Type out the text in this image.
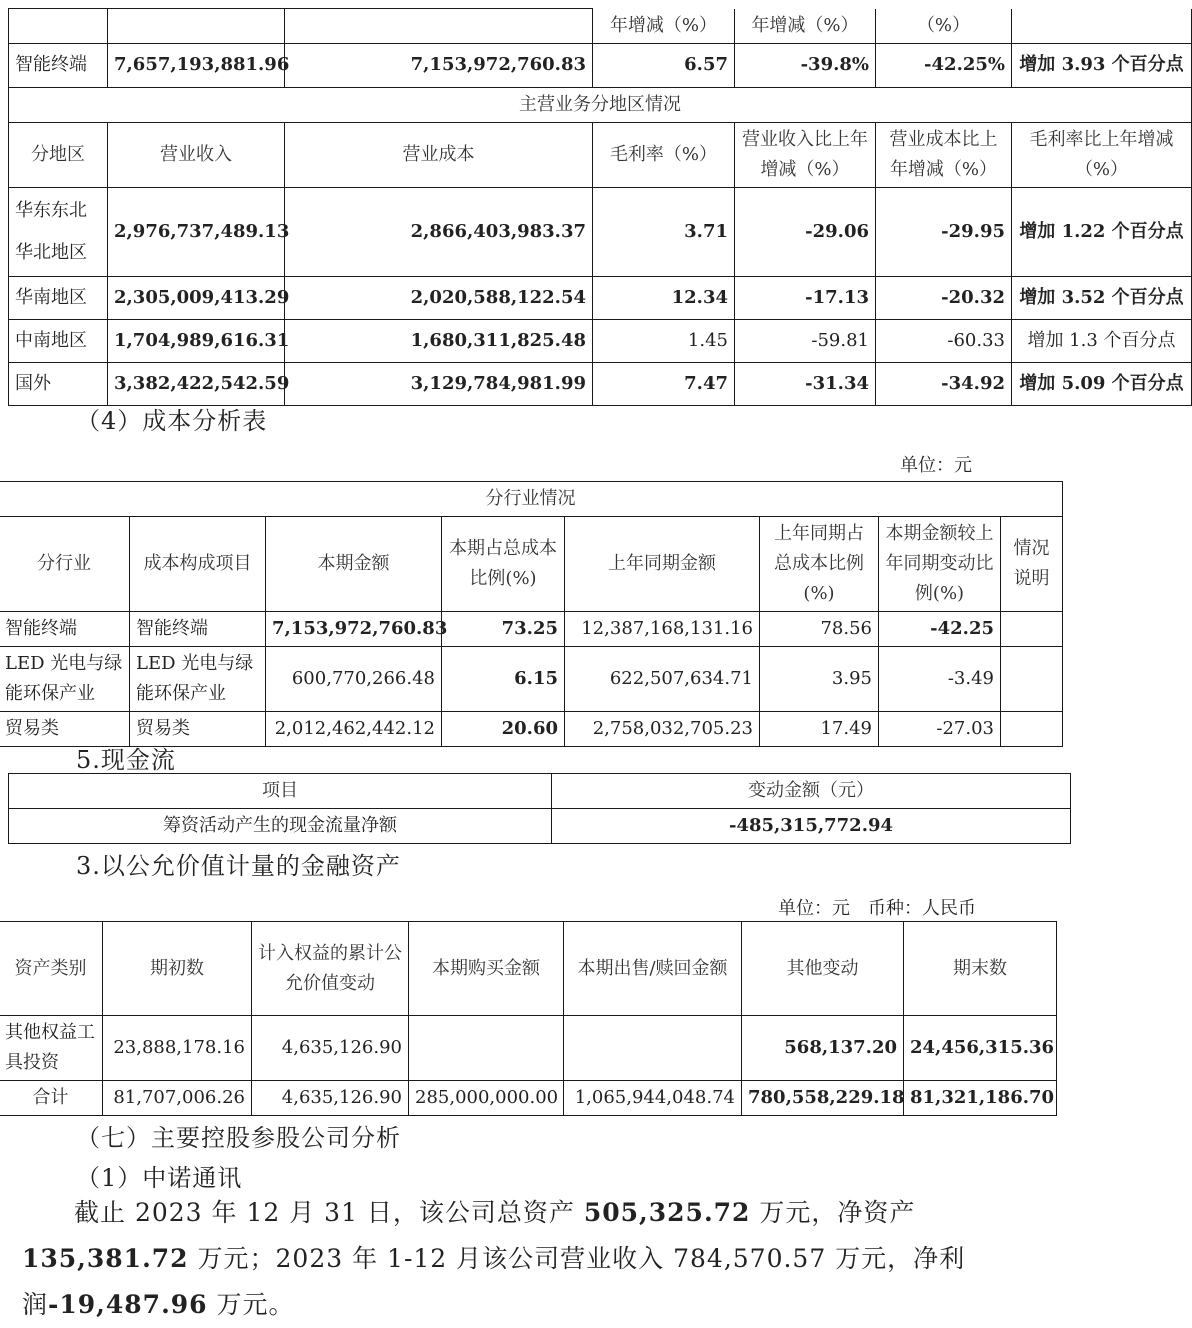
			年增减（%）	年增减（%）	（%）	
智能终端	7,657,193,881.96	7,153,972,760.83	6.57	-39.8%	-42.25%	增加 3.93 个百分点
主营业务分地区情况						
分地区	营业收入	营业成本	毛利率（%）	营业收入比上年增减（%）	营业成本比上年增减（%）	毛利率比上年增减（%）
华东东北华北地区	2,976,737,489.13	2,866,403,983.37	3.71	-29.06	-29.95	增加 1.22 个百分点
华南地区	2,305,009,413.29	2,020,588,122.54	12.34	-17.13	-20.32	增加 3.52 个百分点
中南地区	1,704,989,616.31	1,680,311,825.48	1.45	-59.81	-60.33	增加 1.3 个百分点
国外	3,382,422,542.59	3,129,784,981.99	7.47	-31.34	-34.92	增加 5.09 个百分点
（4）成本分析表
单位：元
分行业情况							
分行业	成本构成项目	本期金额	本期占总成本比例(%)	上年同期金额	上年同期占总成本比例(%)	本期金额较上年同期变动比例(%)	情况说明
智能终端	智能终端	7,153,972,760.83	73.25	12,387,168,131.16	78.56	-42.25	
LED 光电与绿能环保产业	LED 光电与绿能环保产业	600,770,266.48	6.15	622,507,634.71	3.95	-3.49	
贸易类	贸易类	2,012,462,442.12	20.60	2,758,032,705.23	17.49	-27.03	
5.现金流
项目	变动金额（元）
筹资活动产生的现金流量净额	-485,315,772.94
3.以公允价值计量的金融资产
单位：元　币种：人民币
资产类别	期初数	计入权益的累计公允价值变动	本期购买金额	本期出售/赎回金额	其他变动	期末数
其他权益工具投资	23,888,178.16	4,635,126.90			568,137.20	24,456,315.36
合计	81,707,006.26	4,635,126.90	285,000,000.00	1,065,944,048.74	780,558,229.18	81,321,186.70
（七）主要控股参股公司分析
（1）中诺通讯
截止 2023 年 12 月 31 日，该公司总资产 505,325.72 万元，净资产 135,381.72 万元；2023 年 1-12 月该公司营业收入 784,570.57 万元，净利润-19,487.96 万元。
